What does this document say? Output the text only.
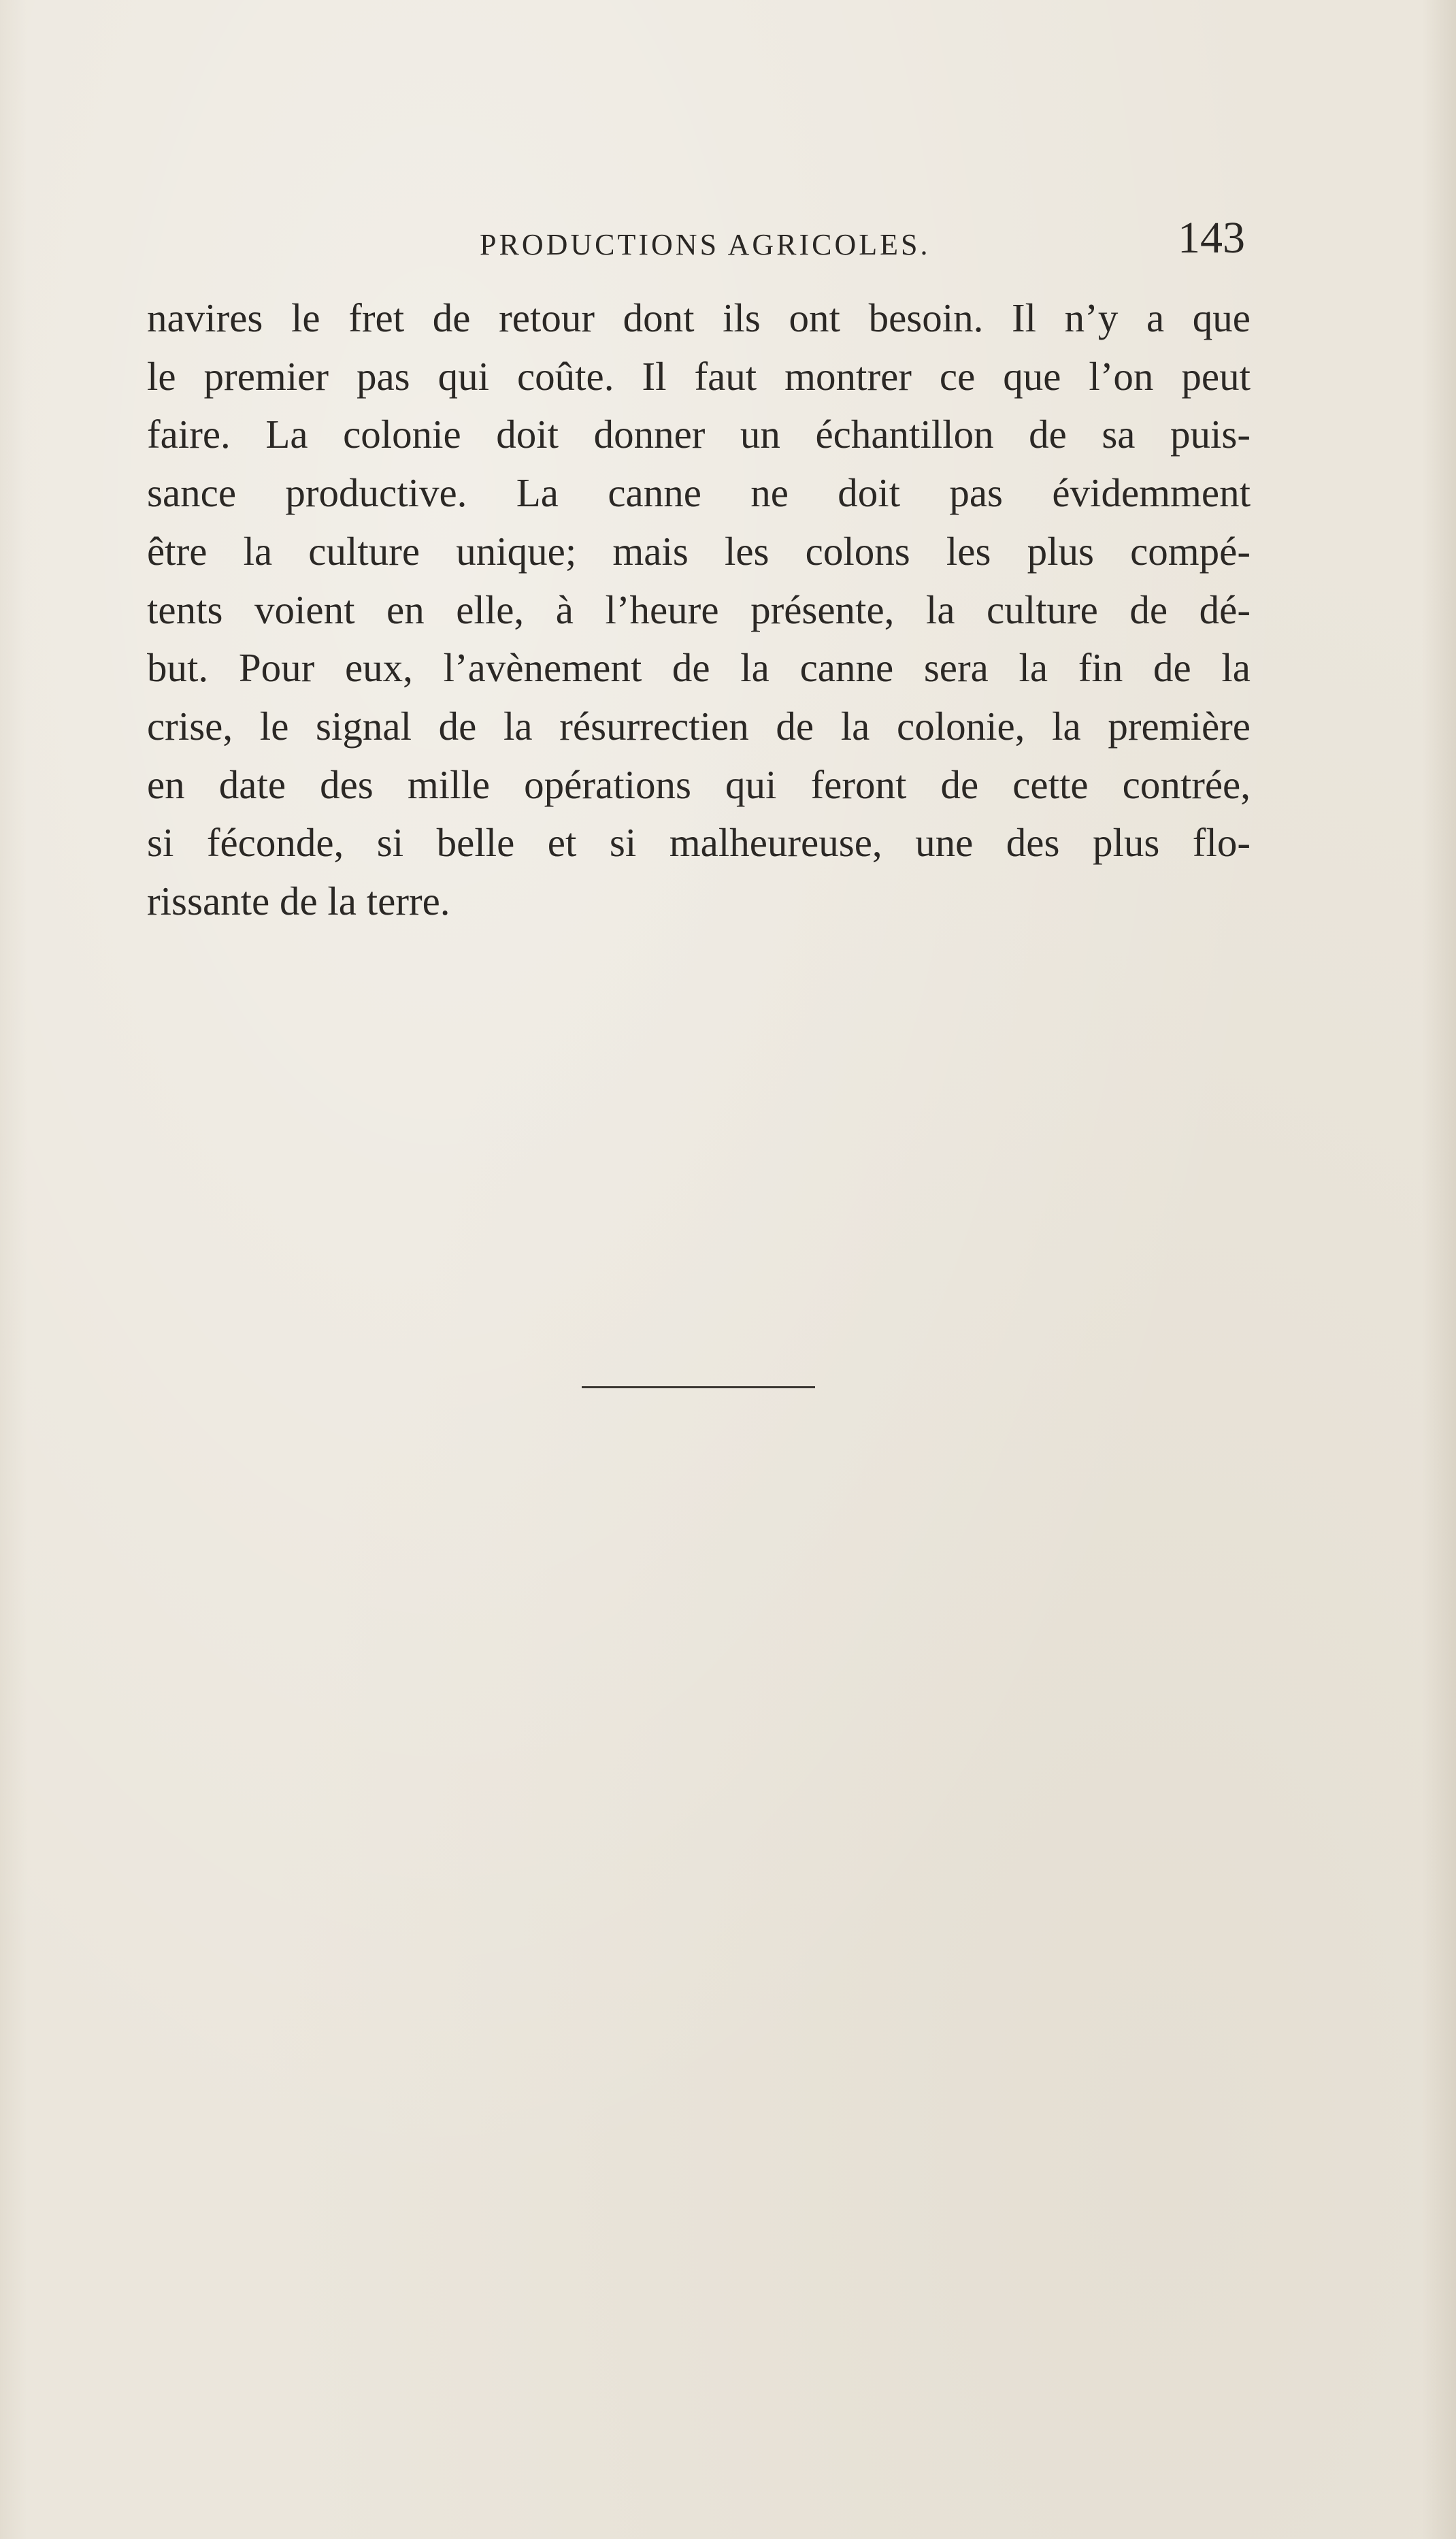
PRODUCTIONS AGRICOLES.	143
navires le fret de retour dont ils ont besoin. Il n’y a que
le premier pas qui coûte. Il faut montrer ce que l’on peut
faire. La colonie doit donner un échantillon de sa puis-
sance productive. La canne ne doit pas évidemment
être la culture unique; mais les colons les plus compé-
tents voient en elle, à l’heure présente, la culture de dé-
but. Pour eux, l’avènement de la canne sera la fin de la
crise, le signal de la résurrectien de la colonie, la première
en date des mille opérations qui feront de cette contrée,
si féconde, si belle et si malheureuse, une des plus flo-
rissante de la terre.
